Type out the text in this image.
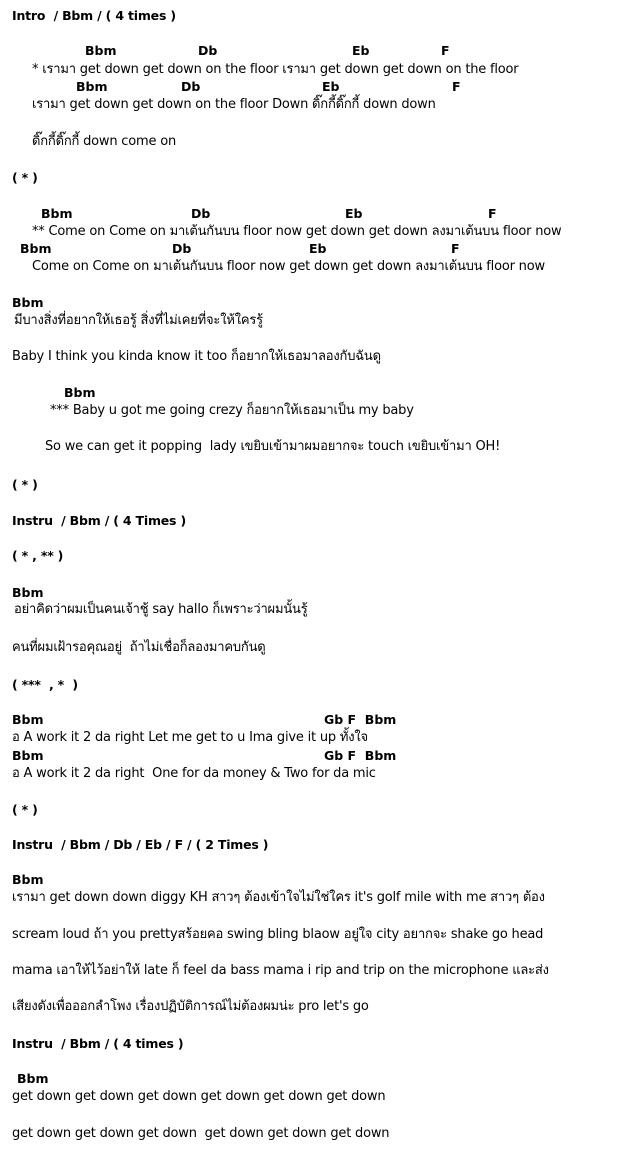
Intro  / Bbm / ( 4 times )
Bbm	Db	Eb	F
* เรามา get down get down on the floor เรามา get down get down on the floor
Bbm	Db	Eb	F
เรามา get down get down on the floor Down ดิ๊กกี้ดิ๊กกี้ down down
ดิ๊กกี้ดิ๊กกี้ down come on
( * )
Bbm	Db	Eb	F
** Come on Come on มาเต้นกันบน floor now get down get down ลงมาเต้นบน floor now
Bbm	Db	Eb	F
Come on Come on มาเต้นกันบน floor now get down get down ลงมาเต้นบน floor now
Bbm
มีบางสิ่งที่อยากให้เธอรู้ สิ่งที่ไม่เคยที่จะให้ใครรู้
Baby I think you kinda know it too ก็อยากให้เธอมาลองกับฉันดู
Bbm
*** Baby u got me going crezy ก็อยากให้เธอมาเป็น my baby
So we can get it popping  lady เขยิบเข้ามาผมอยากจะ touch เขยิบเข้ามา OH!
( * )
Instru  / Bbm / ( 4 Times )
( * , ** )
Bbm
อย่าคิดว่าผมเป็นคนเจ้าชู้ say hallo ก็เพราะว่าผมนั้นรู้
คนที่ผมเฝ้ารอคุณอยู่  ถ้าไม่เชื่อก็ลองมาคบกันดู
( ***  , *  )
Bbm	Gb F  Bbm
อ A work it 2 da right Let me get to u Ima give it up ทั้งใจ
Bbm	Gb F  Bbm
อ A work it 2 da right  One for da money & Two for da mic
( * )
Instru  / Bbm / Db / Eb / F / ( 2 Times )
Bbm
เรามา get down down diggy KH สาวๆ ต้องเข้าใจไม่ใช่ใคร it's golf mile with me สาวๆ ต้อง
scream loud ถ้า you prettyสร้อยคอ swing bling blaow อยู่ใจ city อยากจะ shake go head
mama เอาให้ไว้อย่าให้ late ก็ feel da bass mama i rip and trip on the microphone และส่ง
เสียงดังเพื่อออกลำโพง เรื่องปฏิบัติการณ์ไม่ต้องผมน่ะ pro let's go
Instru  / Bbm / ( 4 times )
Bbm
get down get down get down get down get down get down
get down get down get down  get down get down get down
